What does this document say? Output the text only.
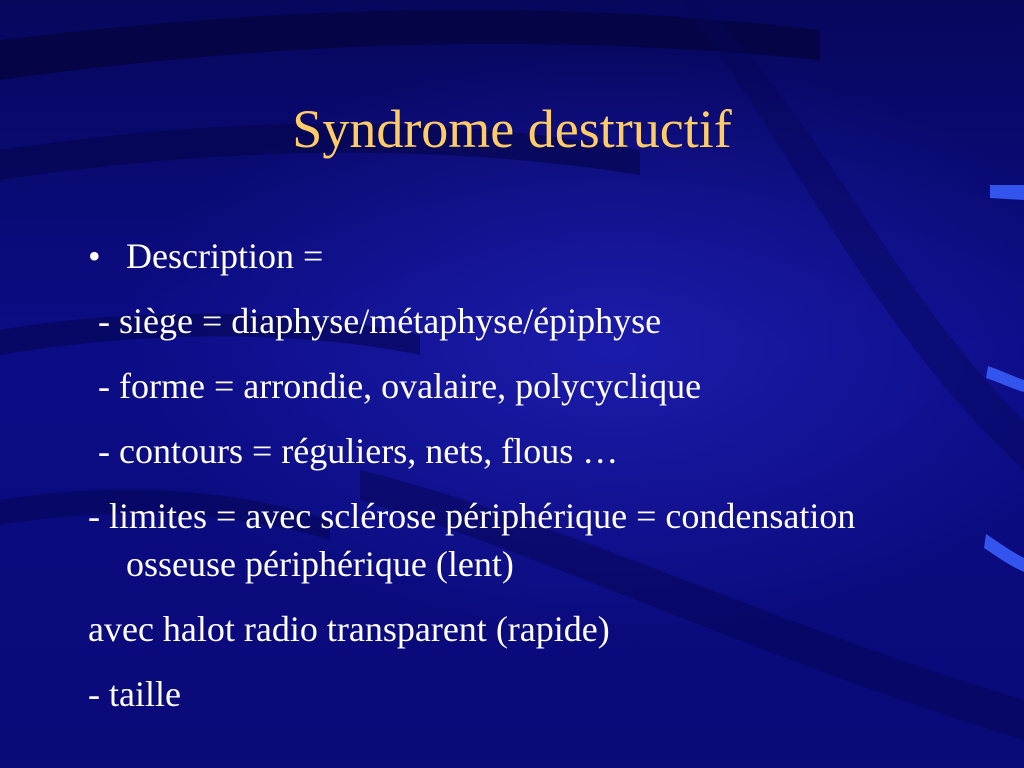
Syndrome destructif
• Description =
- siège = diaphyse/métaphyse/épiphyse
- forme = arrondie, ovalaire, polycyclique
- contours = réguliers, nets, flous …
- limites = avec sclérose périphérique = condensation osseuse périphérique (lent)
avec halot radio transparent (rapide)
- taille
